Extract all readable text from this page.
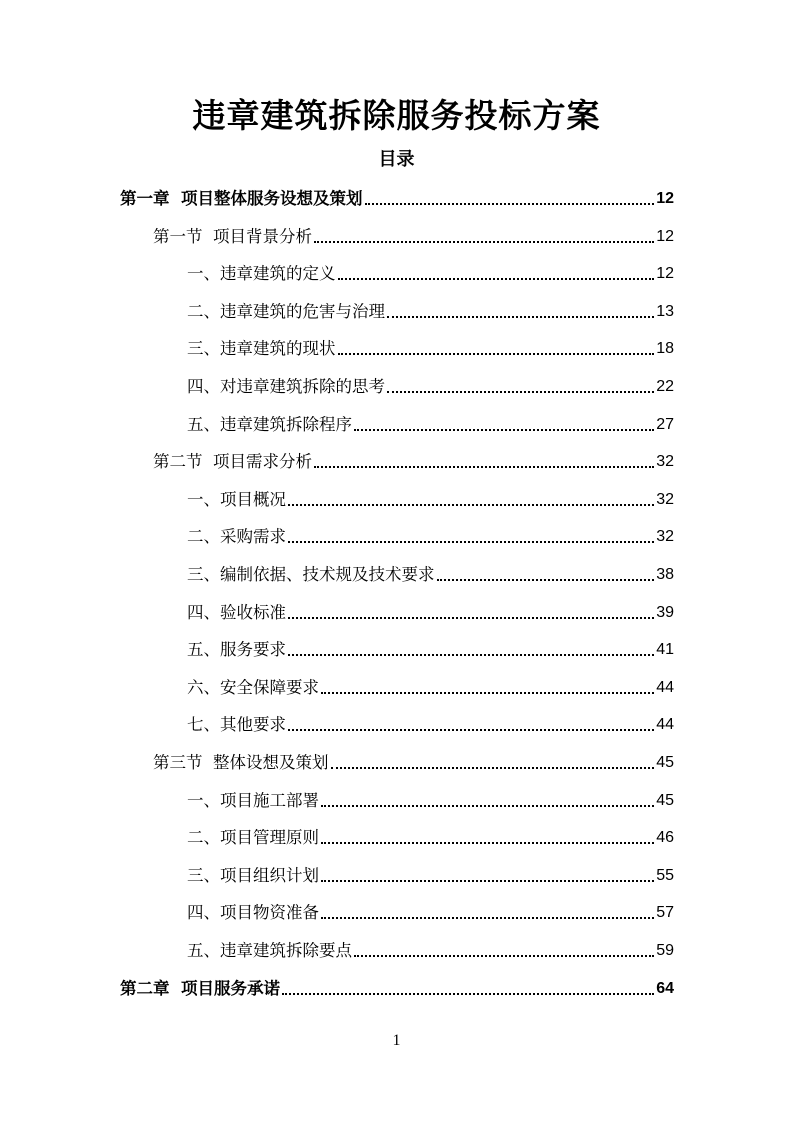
违章建筑拆除服务投标方案
目录
第一章  项目整体服务设想及策划	12
第一节  项目背景分析	12
一、违章建筑的定义	12
二、违章建筑的危害与治理	13
三、违章建筑的现状	18
四、对违章建筑拆除的思考	22
五、违章建筑拆除程序	27
第二节  项目需求分析	32
一、项目概况	32
二、采购需求	32
三、编制依据、技术规及技术要求	38
四、验收标准	39
五、服务要求	41
六、安全保障要求	44
七、其他要求	44
第三节  整体设想及策划	45
一、项目施工部署	45
二、项目管理原则	46
三、项目组织计划	55
四、项目物资准备	57
五、违章建筑拆除要点	59
第二章  项目服务承诺	64
1
